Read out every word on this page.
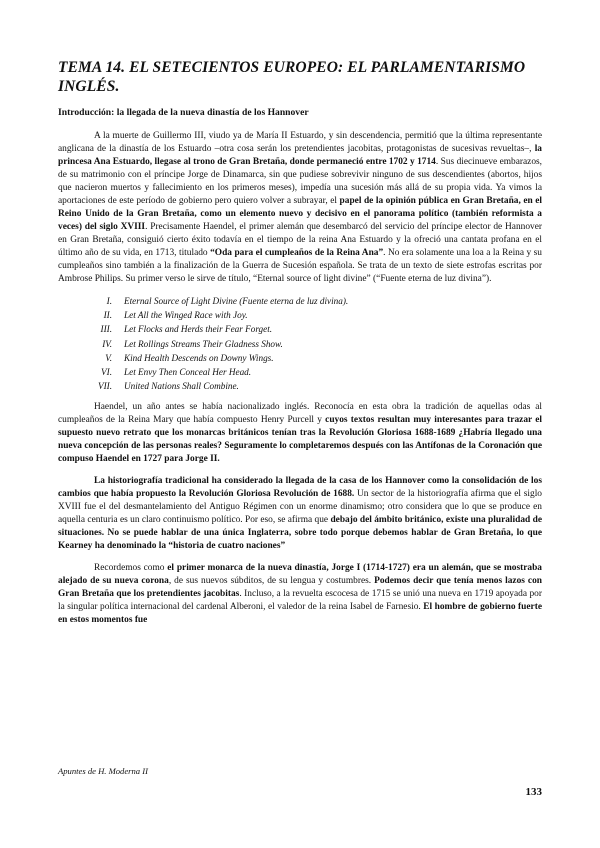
TEMA 14. EL SETECIENTOS EUROPEO: EL PARLAMENTARISMO INGLÉS.
Introducción: la llegada de la nueva dinastía de los Hannover

A la muerte de Guillermo III, viudo ya de María II Estuardo, y sin descendencia, permitió que la última representante anglicana de la dinastía de los Estuardo –otra cosa serán los pretendientes jacobitas, protagonistas de sucesivas revueltas–, la princesa Ana Estuardo, llegase al trono de Gran Bretaña, donde permaneció entre 1702 y 1714. Sus diecinueve embarazos, de su matrimonio con el príncipe Jorge de Dinamarca, sin que pudiese sobrevivir ninguno de sus descendientes (abortos, hijos que nacieron muertos y fallecimiento en los primeros meses), impedía una sucesión más allá de su propia vida. Ya vimos la aportaciones de este período de gobierno pero quiero volver a subrayar, el papel de la opinión pública en Gran Bretaña, en el Reino Unido de la Gran Bretaña, como un elemento nuevo y decisivo en el panorama político (también reformista a veces) del siglo XVIII. Precisamente Haendel, el primer alemán que desembarcó del servicio del príncipe elector de Hannover en Gran Bretaña, consiguió cierto éxito todavía en el tiempo de la reina Ana Estuardo y la ofreció una cantata profana en el último año de su vida, en 1713, titulado “Oda para el cumpleaños de la Reina Ana”. No era solamente una loa a la Reina y su cumpleaños sino también a la finalización de la Guerra de Sucesión española. Se trata de un texto de siete estrofas escritas por Ambrose Philips. Su primer verso le sirve de título, “Eternal source of light divine” (“Fuente eterna de luz divina”).

I.	Eternal Source of Light Divine (Fuente eterna de luz divina).
II.	Let All the Winged Race with Joy.
III.	Let Flocks and Herds their Fear Forget.
IV.	Let Rollings Streams Their Gladness Show.
V.	Kind Health Descends on Downy Wings.
VI.	Let Envy Then Conceal Her Head.
VII.	United Nations Shall Combine.

Haendel, un año antes se había nacionalizado inglés. Reconocía en esta obra la tradición de aquellas odas al cumpleaños de la Reina Mary que había compuesto Henry Purcell y cuyos textos resultan muy interesantes para trazar el supuesto nuevo retrato que los monarcas británicos tenían tras la Revolución Gloriosa 1688-1689 ¿Habría llegado una nueva concepción de las personas reales? Seguramente lo completaremos después con las Antífonas de la Coronación que compuso Haendel en 1727 para Jorge II.

La historiografía tradicional ha considerado la llegada de la casa de los Hannover como la consolidación de los cambios que había propuesto la Revolución Gloriosa Revolución de 1688. Un sector de la historiografía afirma que el siglo XVIII fue el del desmantelamiento del Antiguo Régimen con un enorme dinamismo; otro considera que lo que se produce en aquella centuria es un claro continuismo político. Por eso, se afirma que debajo del ámbito británico, existe una pluralidad de situaciones. No se puede hablar de una única Inglaterra, sobre todo porque debemos hablar de Gran Bretaña, lo que Kearney ha denominado la “historia de cuatro naciones”

Recordemos como el primer monarca de la nueva dinastía, Jorge I (1714-1727) era un alemán, que se mostraba alejado de su nueva corona, de sus nuevos súbditos, de su lengua y costumbres. Podemos decir que tenía menos lazos con Gran Bretaña que los pretendientes jacobitas. Incluso, a la revuelta escocesa de 1715 se unió una nueva en 1719 apoyada por la singular política internacional del cardenal Alberoni, el valedor de la reina Isabel de Farnesio. El hombre de gobierno fuerte en estos momentos fue

Apuntes de H. Moderna II
133
